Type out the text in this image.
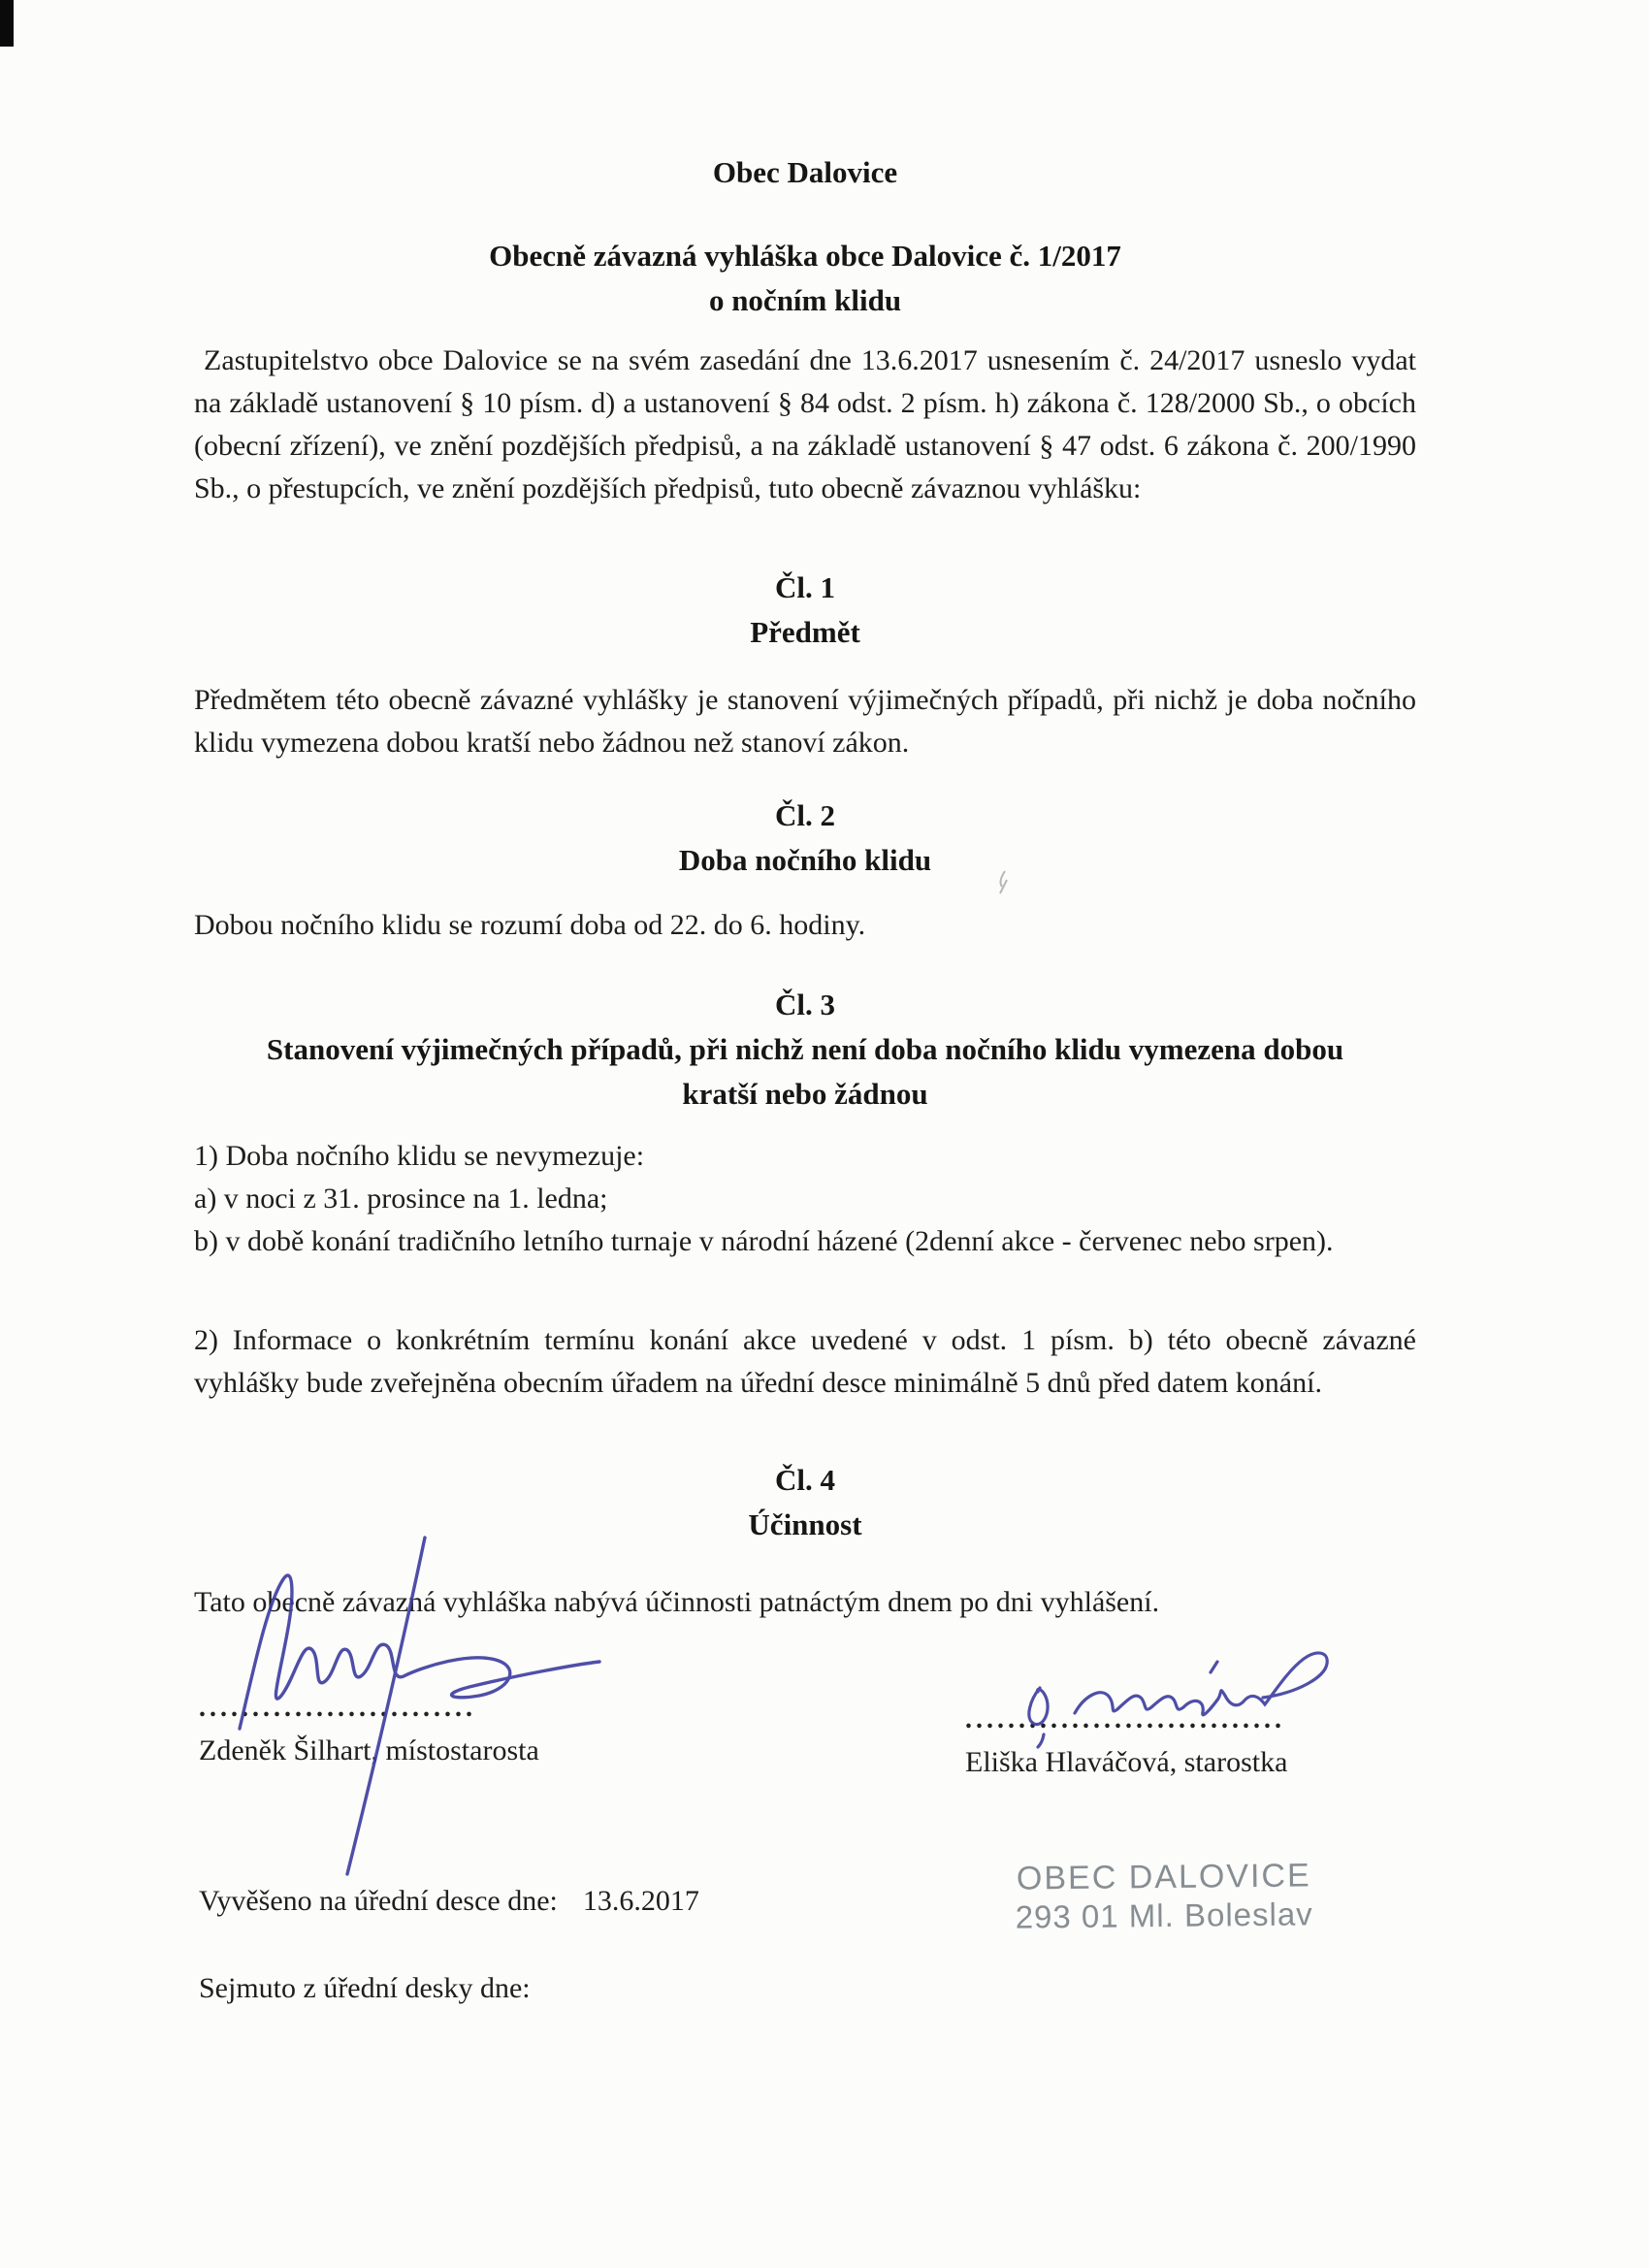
Obec Dalovice
Obecně závazná vyhláška obce Dalovice č. 1/2017
o nočním klidu
Zastupitelstvo obce Dalovice se na svém zasedání dne 13.6.2017 usnesením č. 24/2017 usneslo vydat na základě ustanovení § 10 písm. d) a ustanovení § 84 odst. 2 písm. h) zákona č. 128/2000 Sb., o obcích (obecní zřízení), ve znění pozdějších předpisů, a na základě ustanovení § 47 odst. 6 zákona č. 200/1990 Sb., o přestupcích, ve znění pozdějších předpisů, tuto obecně závaznou vyhlášku:
Čl. 1
Předmět
Předmětem této obecně závazné vyhlášky je stanovení výjimečných případů, při nichž je doba nočního klidu vymezena dobou kratší nebo žádnou než stanoví zákon.
Čl. 2
Doba nočního klidu
Dobou nočního klidu se rozumí doba od 22. do 6. hodiny.
Čl. 3
Stanovení výjimečných případů, při nichž není doba nočního klidu vymezena dobou kratší nebo žádnou
1) Doba nočního klidu se nevymezuje:
a) v noci z 31. prosince na 1. ledna;
b) v době konání tradičního letního turnaje v národní házené (2denní akce - červenec nebo srpen).
2) Informace o konkrétním termínu konání akce uvedené v odst. 1 písm. b) této obecně závazné vyhlášky bude zveřejněna obecním úřadem na úřední desce minimálně 5 dnů před datem konání.
Čl. 4
Účinnost
Tato obecně závazná vyhláška nabývá účinnosti patnáctým dnem po dni vyhlášení.
..........................
Zdeněk Šilhart, místostarosta
..............................
Eliška Hlaváčová, starostka
Vyvěšeno na úřední desce dne: 13.6.2017
OBEC DALOVICE
293 01 Ml. Boleslav
Sejmuto z úřední desky dne:
